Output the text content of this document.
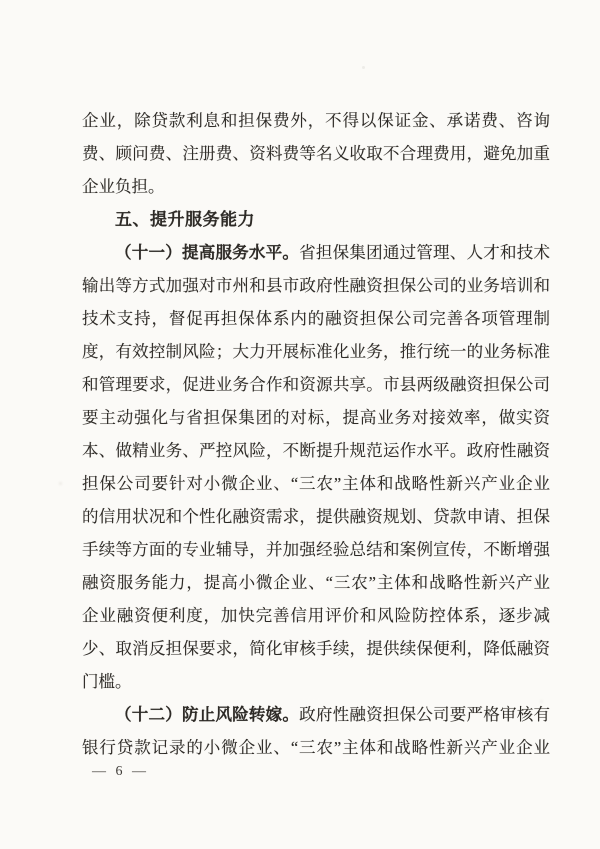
企业，除贷款利息和担保费外，不得以保证金、承诺费、咨询
费、顾问费、注册费、资料费等名义收取不合理费用，避免加重
企业负担。
五、提升服务能力
（十一）提高服务水平。省担保集团通过管理、人才和技术
输出等方式加强对市州和县市政府性融资担保公司的业务培训和
技术支持，督促再担保体系内的融资担保公司完善各项管理制
度，有效控制风险；大力开展标准化业务，推行统一的业务标准
和管理要求，促进业务合作和资源共享。市县两级融资担保公司
要主动强化与省担保集团的对标，提高业务对接效率，做实资
本、做精业务、严控风险，不断提升规范运作水平。政府性融资
担保公司要针对小微企业、“三农”主体和战略性新兴产业企业
的信用状况和个性化融资需求，提供融资规划、贷款申请、担保
手续等方面的专业辅导，并加强经验总结和案例宣传，不断增强
融资服务能力，提高小微企业、“三农”主体和战略性新兴产业
企业融资便利度，加快完善信用评价和风险防控体系，逐步减
少、取消反担保要求，简化审核手续，提供续保便利，降低融资
门槛。
（十二）防止风险转嫁。政府性融资担保公司要严格审核有
银行贷款记录的小微企业、“三农”主体和战略性新兴产业企业
— 6 —
